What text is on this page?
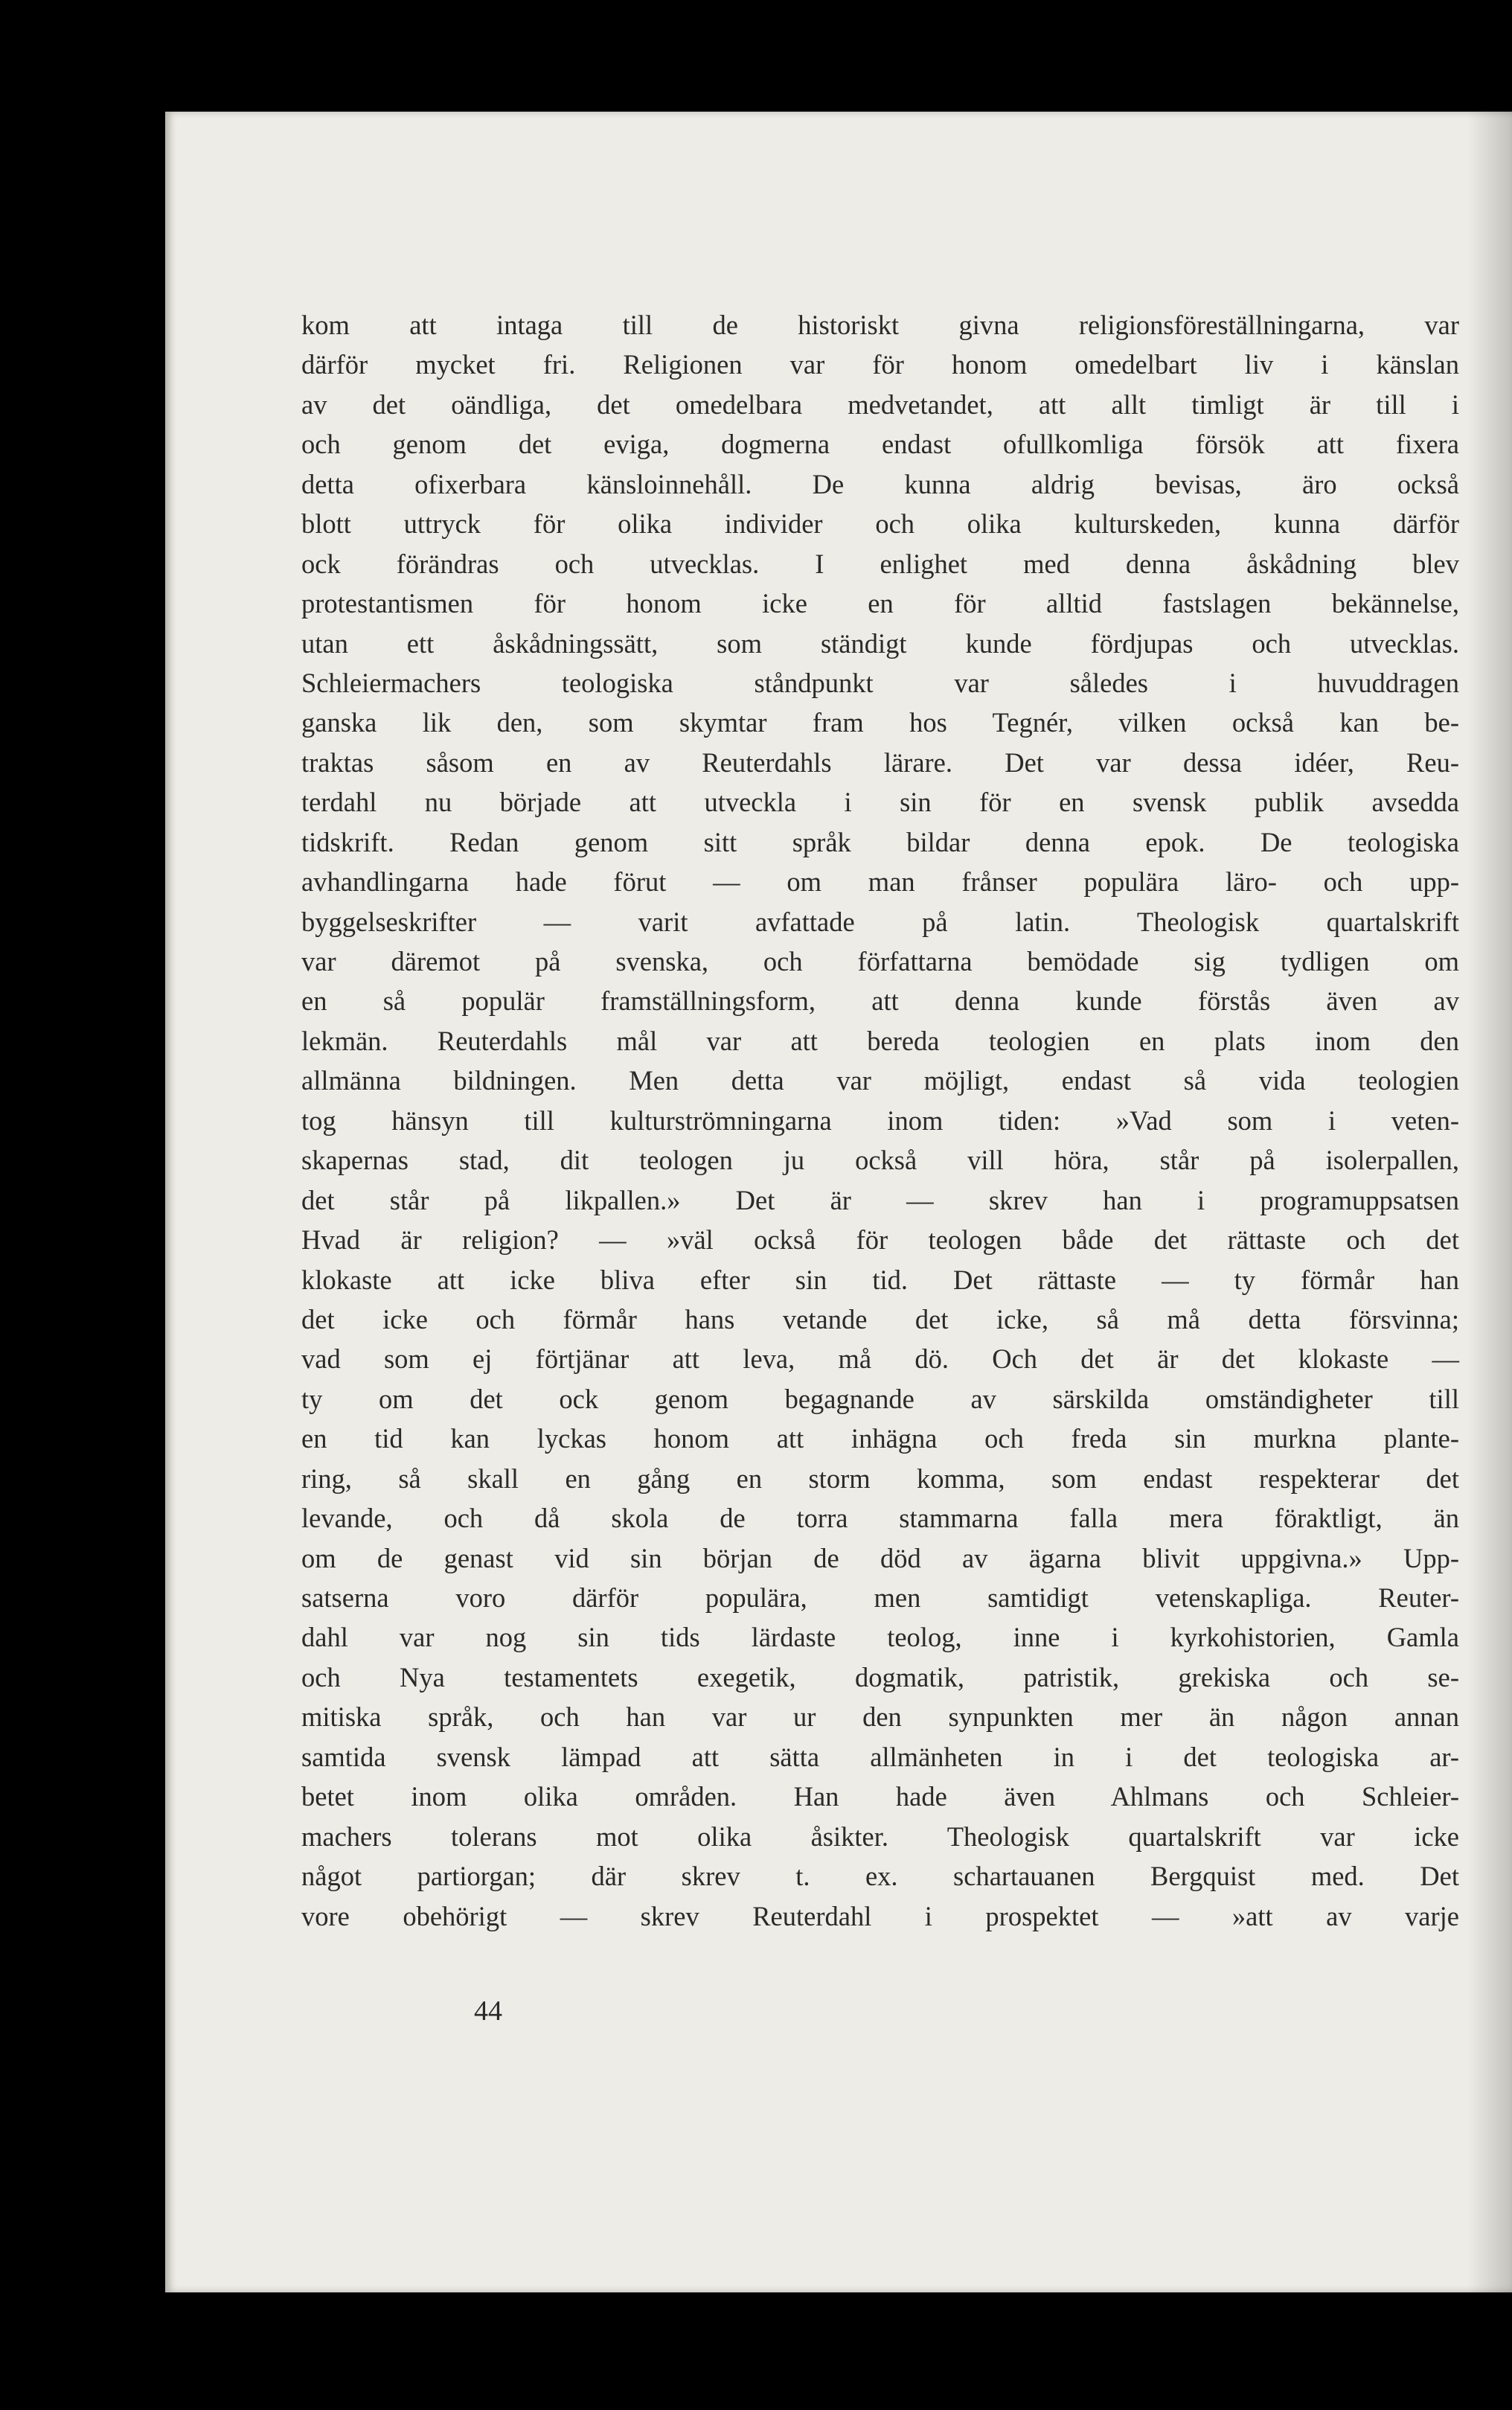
kom att intaga till de historiskt givna religionsföreställningarna, var
därför mycket fri. Religionen var för honom omedelbart liv i känslan
av det oändliga, det omedelbara medvetandet, att allt timligt är till i
och genom det eviga, dogmerna endast ofullkomliga försök att fixera
detta ofixerbara känsloinnehåll. De kunna aldrig bevisas, äro också
blott uttryck för olika individer och olika kulturskeden, kunna därför
ock förändras och utvecklas. I enlighet med denna åskådning blev
protestantismen för honom icke en för alltid fastslagen bekännelse,
utan ett åskådningssätt, som ständigt kunde fördjupas och utvecklas.
Schleiermachers teologiska ståndpunkt var således i huvuddragen
ganska lik den, som skymtar fram hos Tegnér, vilken också kan be-
traktas såsom en av Reuterdahls lärare. Det var dessa idéer, Reu-
terdahl nu började att utveckla i sin för en svensk publik avsedda
tidskrift. Redan genom sitt språk bildar denna epok. De teologiska
avhandlingarna hade förut — om man frånser populära läro- och upp-
byggelseskrifter — varit avfattade på latin. Theologisk quartalskrift
var däremot på svenska, och författarna bemödade sig tydligen om
en så populär framställningsform, att denna kunde förstås även av
lekmän. Reuterdahls mål var att bereda teologien en plats inom den
allmänna bildningen. Men detta var möjligt, endast så vida teologien
tog hänsyn till kulturströmningarna inom tiden: »Vad som i veten-
skapernas stad, dit teologen ju också vill höra, står på isolerpallen,
det står på likpallen.» Det är — skrev han i programuppsatsen
Hvad är religion? — »väl också för teologen både det rättaste och det
klokaste att icke bliva efter sin tid. Det rättaste — ty förmår han
det icke och förmår hans vetande det icke, så må detta försvinna;
vad som ej förtjänar att leva, må dö. Och det är det klokaste —
ty om det ock genom begagnande av särskilda omständigheter till
en tid kan lyckas honom att inhägna och freda sin murkna plante-
ring, så skall en gång en storm komma, som endast respekterar det
levande, och då skola de torra stammarna falla mera föraktligt, än
om de genast vid sin början de död av ägarna blivit uppgivna.» Upp-
satserna voro därför populära, men samtidigt vetenskapliga. Reuter-
dahl var nog sin tids lärdaste teolog, inne i kyrkohistorien, Gamla
och Nya testamentets exegetik, dogmatik, patristik, grekiska och se-
mitiska språk, och han var ur den synpunkten mer än någon annan
samtida svensk lämpad att sätta allmänheten in i det teologiska ar-
betet inom olika områden. Han hade även Ahlmans och Schleier-
machers tolerans mot olika åsikter. Theologisk quartalskrift var icke
något partiorgan; där skrev t. ex. schartauanen Bergquist med. Det
vore obehörigt — skrev Reuterdahl i prospektet — »att av varje
44
